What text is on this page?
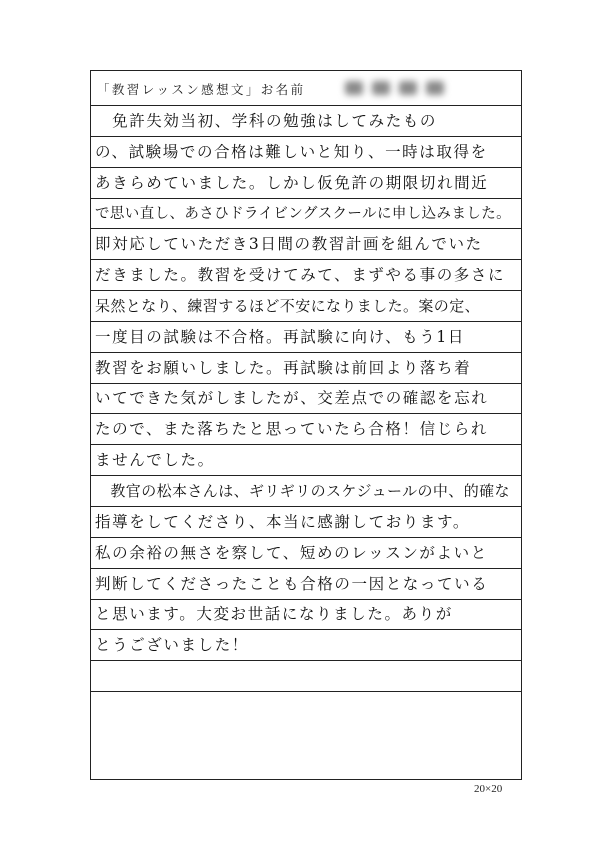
「教習レッスン感想文」お名前
　免許失効当初、学科の勉強はしてみたもの
の、試験場での合格は難しいと知り、一時は取得を
あきらめていました。しかし仮免許の期限切れ間近
で思い直し、あさひドライビングスクールに申し込みました。
即対応していただき3日間の教習計画を組んでいた
だきました。教習を受けてみて、まずやる事の多さに
呆然となり、練習するほど不安になりました。案の定、
一度目の試験は不合格。再試験に向け、もう1日
教習をお願いしました。再試験は前回より落ち着
いてできた気がしましたが、交差点での確認を忘れ
たので、また落ちたと思っていたら合格！信じられ
ませんでした。
　教官の松本さんは、ギリギリのスケジュールの中、的確な
指導をしてくださり、本当に感謝しております。
私の余裕の無さを察して、短めのレッスンがよいと
判断してくださったことも合格の一因となっている
と思います。大変お世話になりました。ありが
とうございました！
20×20
